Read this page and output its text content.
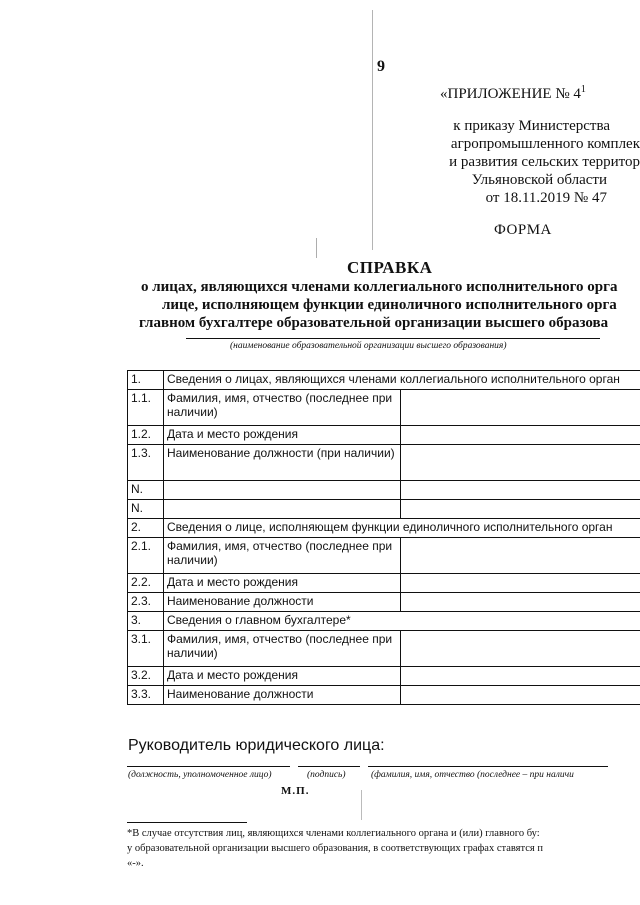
9
«ПРИЛОЖЕНИЕ № $4^1$
к приказу Министерства
агропромышленного комплек
и развития сельских территор
Ульяновской области
от 18.11.2019 № 47
ФОРМА
СПРАВКА
о лицах, являющихся членами коллегиального исполнительного орга
лице, исполняющем функции единоличного исполнительного орга
главном бухгалтере образовательной организации высшего образова
(наименование образовательной организации высшего образования)
1.	Сведения о лицах, являющихся членами коллегиального исполнительного орган	
1.1.	Фамилия, имя, отчество (последнее при наличии)	
1.2.	Дата и место рождения	
1.3.	Наименование должности (при наличии)	
N.		
N.		
2.	Сведения о лице, исполняющем функции единоличного исполнительного орган	
2.1.	Фамилия, имя, отчество (последнее при наличии)	
2.2.	Дата и место рождения	
2.3.	Наименование должности	
3.	Сведения о главном бухгалтере*	
3.1.	Фамилия, имя, отчество (последнее при наличии)	
3.2.	Дата и место рождения	
3.3.	Наименование должности	
Руководитель юридического лица:
(должность, уполномоченное лицо)	(подпись)	(фамилия, имя, отчество (последнее – при наличи
М.П.
*В случае отсутствия лиц, являющихся членами коллегиального органа и (или) главного бу:
у образовательной организации высшего образования, в соответствующих графах ставятся п
«-».
